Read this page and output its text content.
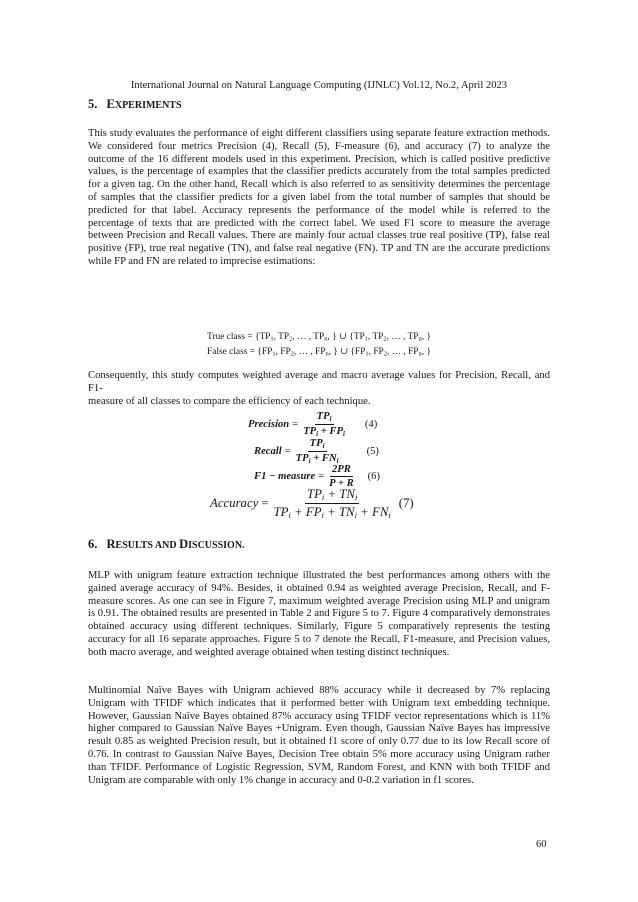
International Journal on Natural Language Computing (IJNLC) Vol.12, No.2, April 2023
5. EXPERIMENTS

This study evaluates the performance of eight different classifiers using separate feature extraction methods. We considered four metrics Precision (4), Recall (5), F-measure (6), and accuracy (7) to analyze the outcome of the 16 different models used in this experiment. Precision, which is called positive predictive values, is the percentage of examples that the classifier predicts accurately from the total samples predicted for a given tag. On the other hand, Recall which is also referred to as sensitivity determines the percentage of samples that the classifier predicts for a given label from the total number of samples that should be predicted for that label. Accuracy represents the performance of the model while is referred to the percentage of texts that are predicted with the correct label. We used F1 score to measure the average between Precision and Recall values. There are mainly four actual classes true real positive (TP), false real positive (FP), true real negative (TN), and false real negative (FN). TP and TN are the accurate predictions while FP and FN are related to imprecise estimations:

True class = {$TP_1$, $TP_2$, … , $TP_n$, } ∪ {$TP_1$, $TP_2$, … , $TP_n$, }
False class = {$FP_1$, $FP_2$, … , $FP_n$, } ∪ {$FP_1$, $FP_2$, … , $FP_n$, }

Consequently, this study computes weighted average and macro average values for Precision, Recall, and F1-

measure of all classes to compare the efficiency of each technique.

Precision = $\frac{TP_i}{TP_i + FP_i} (4)$
Recall = $\frac{TP_i}{TP_i + FN_i} (5)$
F1 − measure = $\frac{2PR}{P + R} (6)$
Accuracy = $\frac{TP_i + TN_i}{TP_i + FP_i + TN_i + FN_i} (7)$
6. RESULTS AND DISCUSSION.

MLP with unigram feature extraction technique illustrated the best performances among others with the gained average accuracy of 94%. Besides, it obtained 0.94 as weighted average Precision, Recall, and F-measure scores. As one can see in Figure 7, maximum weighted average Precision using MLP and unigram is 0.91. The obtained results are presented in Table 2 and Figure 5 to 7. Figure 4 comparatively demonstrates obtained accuracy using different techniques. Similarly, Figure 5 comparatively represents the testing accuracy for all 16 separate approaches. Figure 5 to 7 denote the Recall, F1-measure, and Precision values, both macro average, and weighted average obtained when testing distinct techniques.

Multinomial Naïve Bayes with Unigram achieved 88% accuracy while it decreased by 7% replacing Unigram with TFIDF which indicates that it performed better with Unigram text embedding technique. However, Gaussian Naïve Bayes obtained 87% accuracy using TFIDF vector representations which is 11% higher compared to Gaussian Naïve Bayes +Unigram. Even though, Gaussian Naïve Bayes has impressive result 0.85 as weighted Precision result, but it obtained f1 score of only 0.77 due to its low Recall score of 0.76. In contrast to Gaussian Naïve Bayes, Decision Tree obtain 5% more accuracy using Unigram rather than TFIDF. Performance of Logistic Regression, SVM, Random Forest, and KNN with both TFIDF and Unigram are comparable with only 1% change in accuracy and 0-0.2 variation in f1 scores.

60
